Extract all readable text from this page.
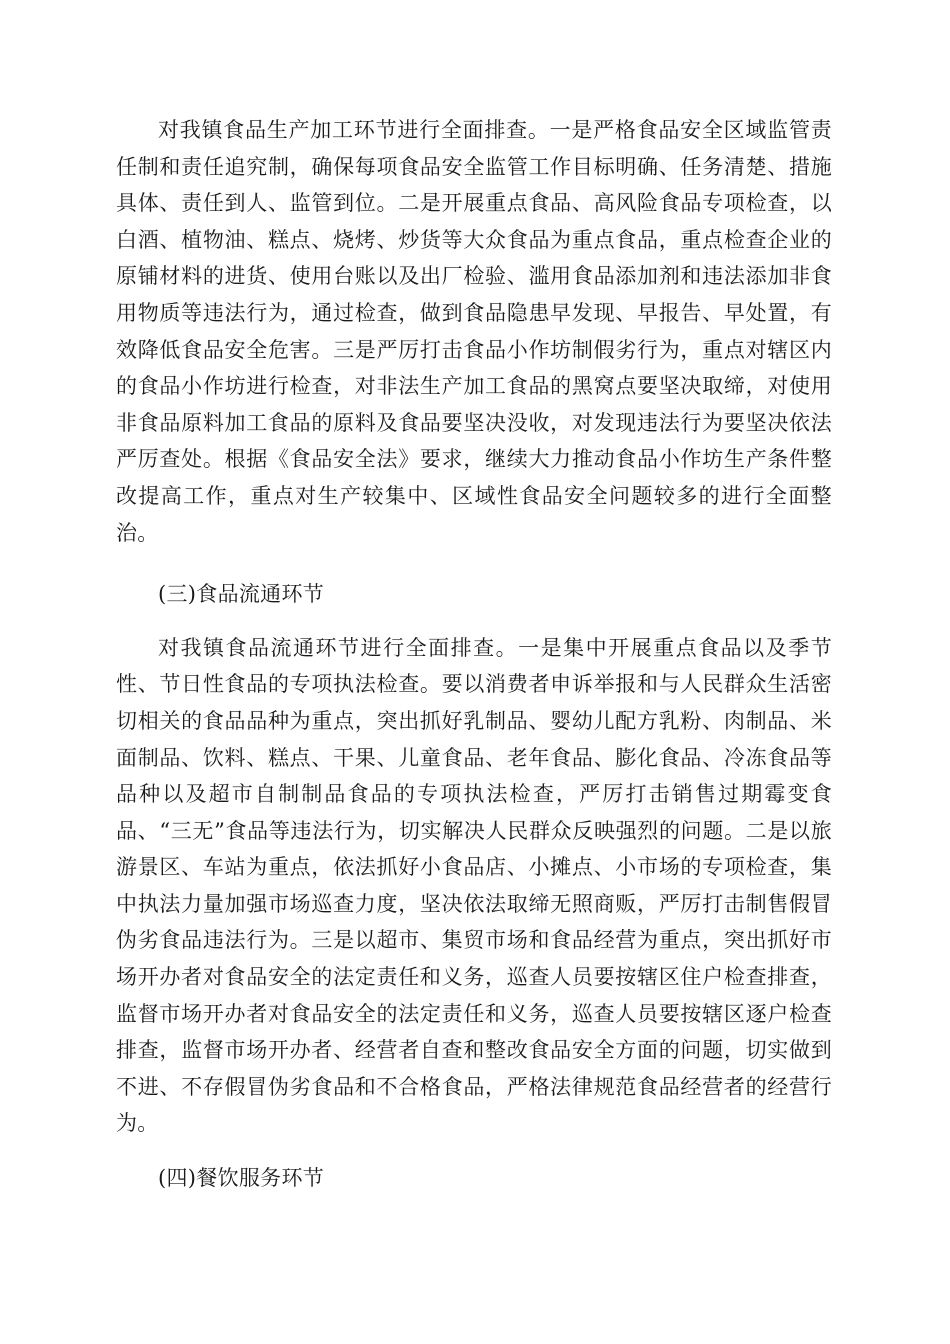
对我镇食品生产加工环节进行全面排查。一是严格食品安全区域监管责任制和责任追究制，确保每项食品安全监管工作目标明确、任务清楚、措施具体、责任到人、监管到位。二是开展重点食品、高风险食品专项检查，以白酒、植物油、糕点、烧烤、炒货等大众食品为重点食品，重点检查企业的原铺材料的进货、使用台账以及出厂检验、滥用食品添加剂和违法添加非食用物质等违法行为，通过检查，做到食品隐患早发现、早报告、早处置，有效降低食品安全危害。三是严厉打击食品小作坊制假劣行为，重点对辖区内的食品小作坊进行检查，对非法生产加工食品的黑窝点要坚决取缔，对使用非食品原料加工食品的原料及食品要坚决没收，对发现违法行为要坚决依法严厉查处。根据《食品安全法》要求，继续大力推动食品小作坊生产条件整改提高工作，重点对生产较集中、区域性食品安全问题较多的进行全面整治。

(三)食品流通环节

对我镇食品流通环节进行全面排查。一是集中开展重点食品以及季节性、节日性食品的专项执法检查。要以消费者申诉举报和与人民群众生活密切相关的食品品种为重点，突出抓好乳制品、婴幼儿配方乳粉、肉制品、米面制品、饮料、糕点、干果、儿童食品、老年食品、膨化食品、冷冻食品等品种以及超市自制制品食品的专项执法检查，严厉打击销售过期霉变食品、“三无”食品等违法行为，切实解决人民群众反映强烈的问题。二是以旅游景区、车站为重点，依法抓好小食品店、小摊点、小市场的专项检查，集中执法力量加强市场巡查力度，坚决依法取缔无照商贩，严厉打击制售假冒伪劣食品违法行为。三是以超市、集贸市场和食品经营为重点，突出抓好市场开办者对食品安全的法定责任和义务，巡查人员要按辖区住户检查排查，监督市场开办者对食品安全的法定责任和义务，巡查人员要按辖区逐户检查排查，监督市场开办者、经营者自查和整改食品安全方面的问题，切实做到不进、不存假冒伪劣食品和不合格食品，严格法律规范食品经营者的经营行为。

(四)餐饮服务环节
